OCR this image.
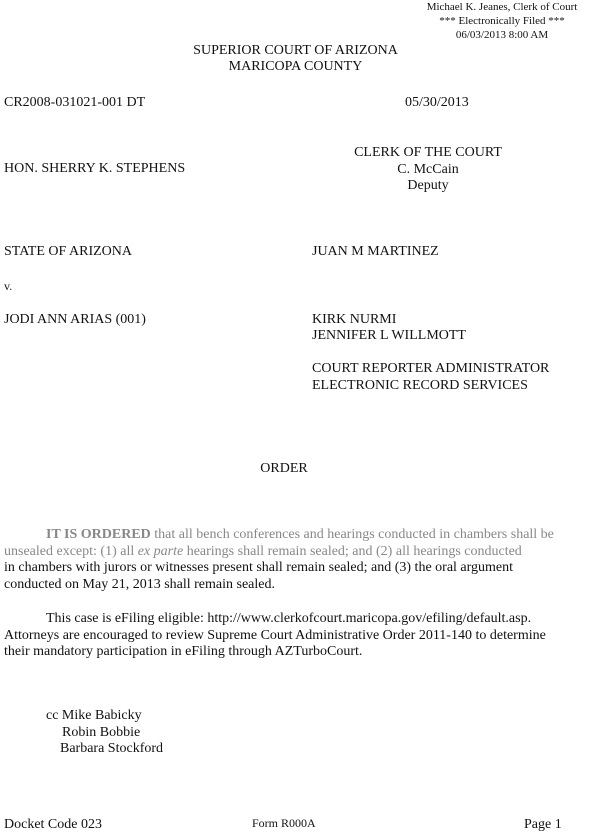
Michael K. Jeanes, Clerk of Court
*** Electronically Filed ***
06/03/2013 8:00 AM
SUPERIOR COURT OF ARIZONA
MARICOPA COUNTY
CR2008-031021-001 DT	05/30/2013
HON. SHERRY K. STEPHENS
CLERK OF THE COURT
C. McCain
Deputy
STATE OF ARIZONA	JUAN M MARTINEZ
v.
JODI ANN ARIAS (001)	KIRK NURMI
JENNIFER L WILLMOTT
COURT REPORTER ADMINISTRATOR
ELECTRONIC RECORD SERVICES
ORDER
IT IS ORDERED that all bench conferences and hearings conducted in chambers shall be unsealed except: (1) all ex parte hearings shall remain sealed; and (2) all hearings conducted
in chambers with jurors or witnesses present shall remain sealed; and (3) the oral argument conducted on May 21, 2013 shall remain sealed.
This case is eFiling eligible: http://www.clerkofcourt.maricopa.gov/efiling/default.asp. Attorneys are encouraged to review Supreme Court Administrative Order 2011-140 to determine their mandatory participation in eFiling through AZTurboCourt.
cc Mike Babicky
Robin Bobbie
Barbara Stockford
Docket Code 023	Form R000A	Page 1
